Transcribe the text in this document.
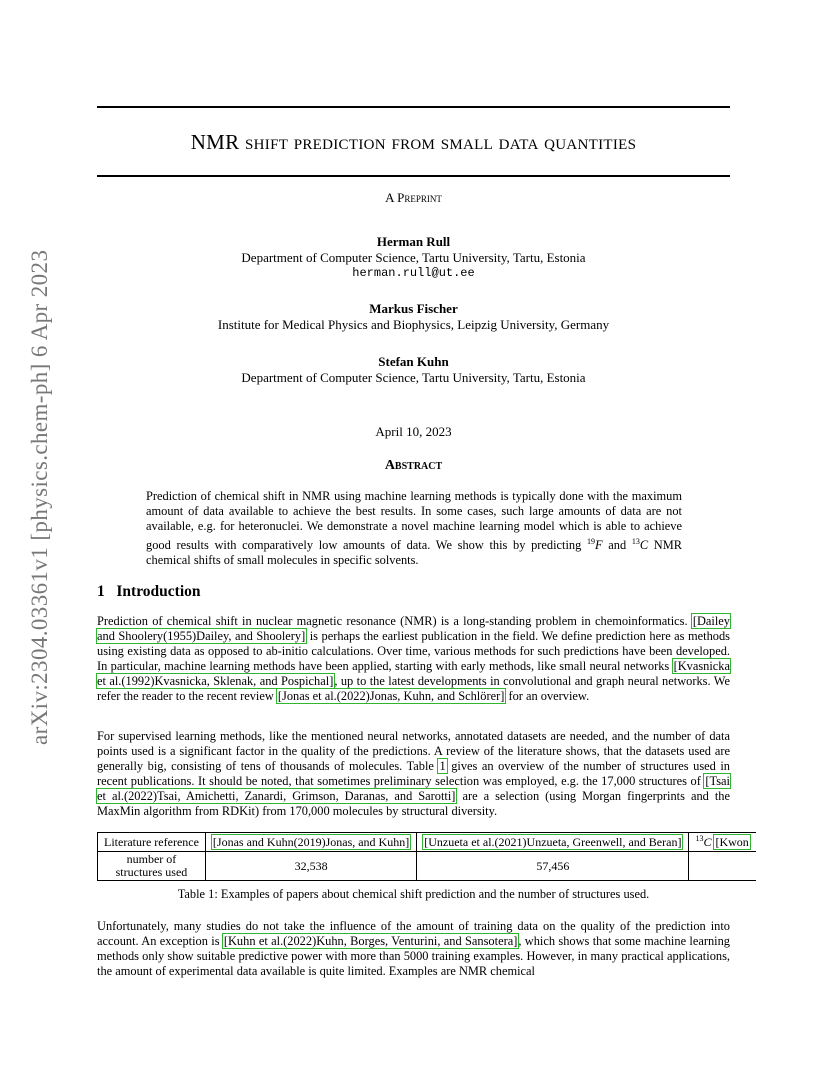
arXiv:2304.03361v1 [physics.chem-ph] 6 Apr 2023
NMR shift prediction from small data quantities
A Preprint
Herman Rull
Department of Computer Science, Tartu University, Tartu, Estonia
herman.rull@ut.ee
Markus Fischer
Institute for Medical Physics and Biophysics, Leipzig University, Germany
Stefan Kuhn
Department of Computer Science, Tartu University, Tartu, Estonia
April 10, 2023
Abstract
Prediction of chemical shift in NMR using machine learning methods is typically done with the maximum amount of data available to achieve the best results. In some cases, such large amounts of data are not available, e.g. for heteronuclei. We demonstrate a novel machine learning model which is able to achieve good results with comparatively low amounts of data. We show this by predicting $^{19}$F and $^{13}$C NMR chemical shifts of small molecules in specific solvents.
1 Introduction
Prediction of chemical shift in nuclear magnetic resonance (NMR) is a long-standing problem in chemoinformatics. [Dailey and Shoolery(1955)Dailey, and Shoolery] is perhaps the earliest publication in the field. We define prediction here as methods using existing data as opposed to ab-initio calculations. Over time, various methods for such predictions have been developed. In particular, machine learning methods have been applied, starting with early methods, like small neural networks [Kvasnicka et al.(1992)Kvasnicka, Sklenak, and Pospichal], up to the latest developments in convolutional and graph neural networks. We refer the reader to the recent review [Jonas et al.(2022)Jonas, Kuhn, and Schlörer] for an overview.
For supervised learning methods, like the mentioned neural networks, annotated datasets are needed, and the number of data points used is a significant factor in the quality of the predictions. A review of the literature shows, that the datasets used are generally big, consisting of tens of thousands of molecules. Table 1 gives an overview of the number of structures used in recent publications. It should be noted, that sometimes preliminary selection was employed, e.g. the 17,000 structures of [Tsai et al.(2022)Tsai, Amichetti, Zanardi, Grimson, Daranas, and Sarotti] are a selection (using Morgan fingerprints and the MaxMin algorithm from RDKit) from 170,000 molecules by structural diversity.
Literature reference	[Jonas and Kuhn(2019)Jonas, and Kuhn]	[Unzueta et al.(2021)Unzueta, Greenwell, and Beran]	$^{13}$C [Kwon
number of
structures used	32,538	57,456	
Table 1: Examples of papers about chemical shift prediction and the number of structures used.
Unfortunately, many studies do not take the influence of the amount of training data on the quality of the prediction into account. An exception is [Kuhn et al.(2022)Kuhn, Borges, Venturini, and Sansotera], which shows that some machine learning methods only show suitable predictive power with more than 5000 training examples. However, in many practical applications, the amount of experimental data available is quite limited. Examples are NMR chemical
